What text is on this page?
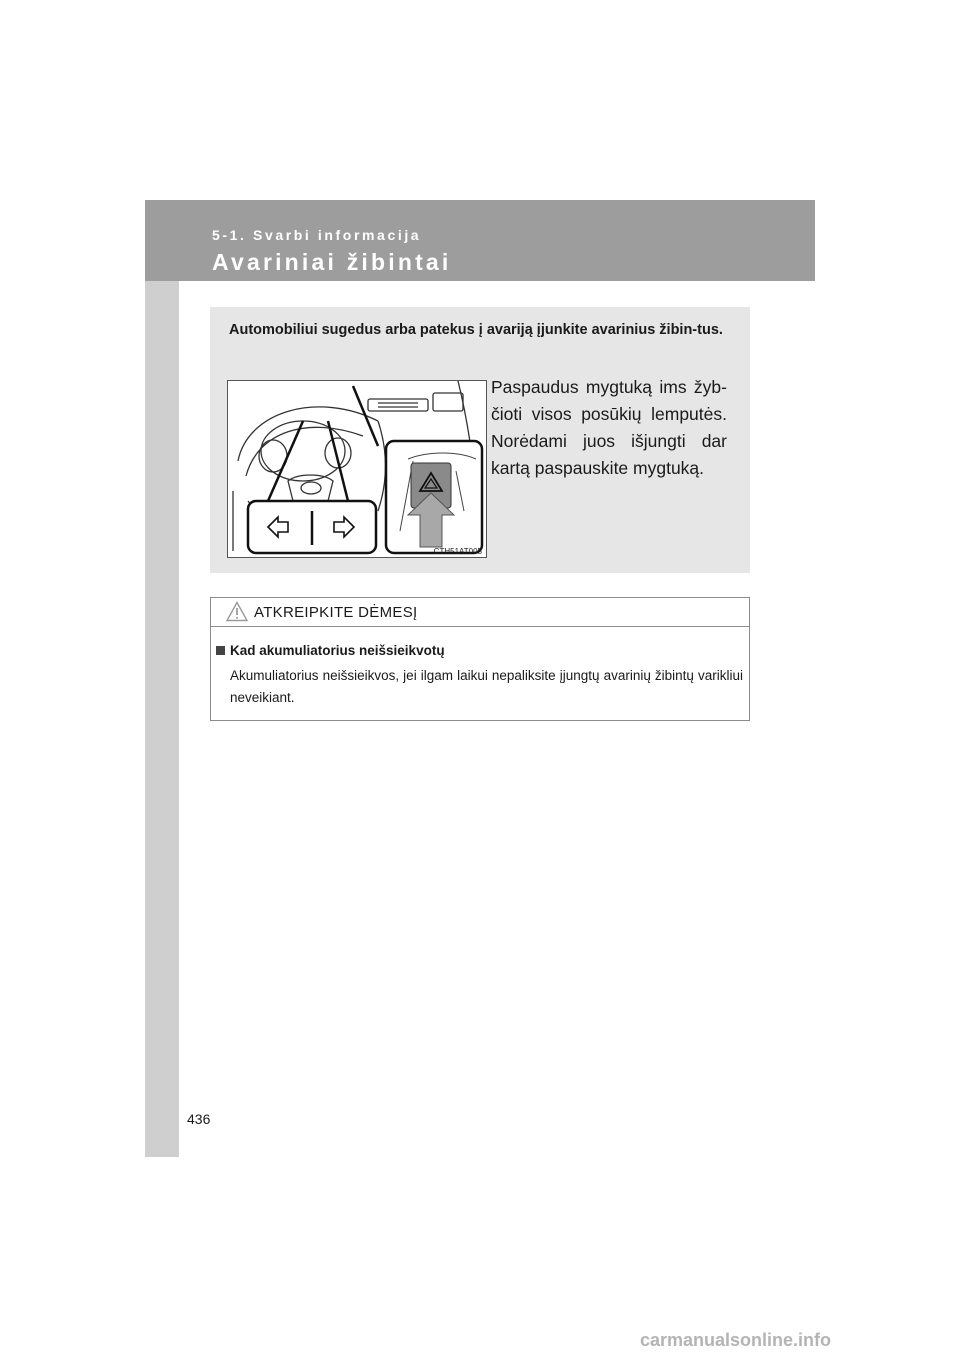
5-1. Svarbi informacija
Avariniai žibintai
Automobiliui sugedus arba patekus į avariją įjunkite avarinius žibin-tus.
CTH51AT005
Paspaudus mygtuką ims žyb-čioti visos posūkių lemputės. Norėdami juos išjungti dar kartą paspauskite mygtuką.
ATKREIPKITE DĖMESĮ
Kad akumuliatorius neišsieikvotų
Akumuliatorius neišsieikvos, jei ilgam laikui nepaliksite įjungtų avarinių žibintų varikliui neveikiant.
436
carmanualsonline.info
